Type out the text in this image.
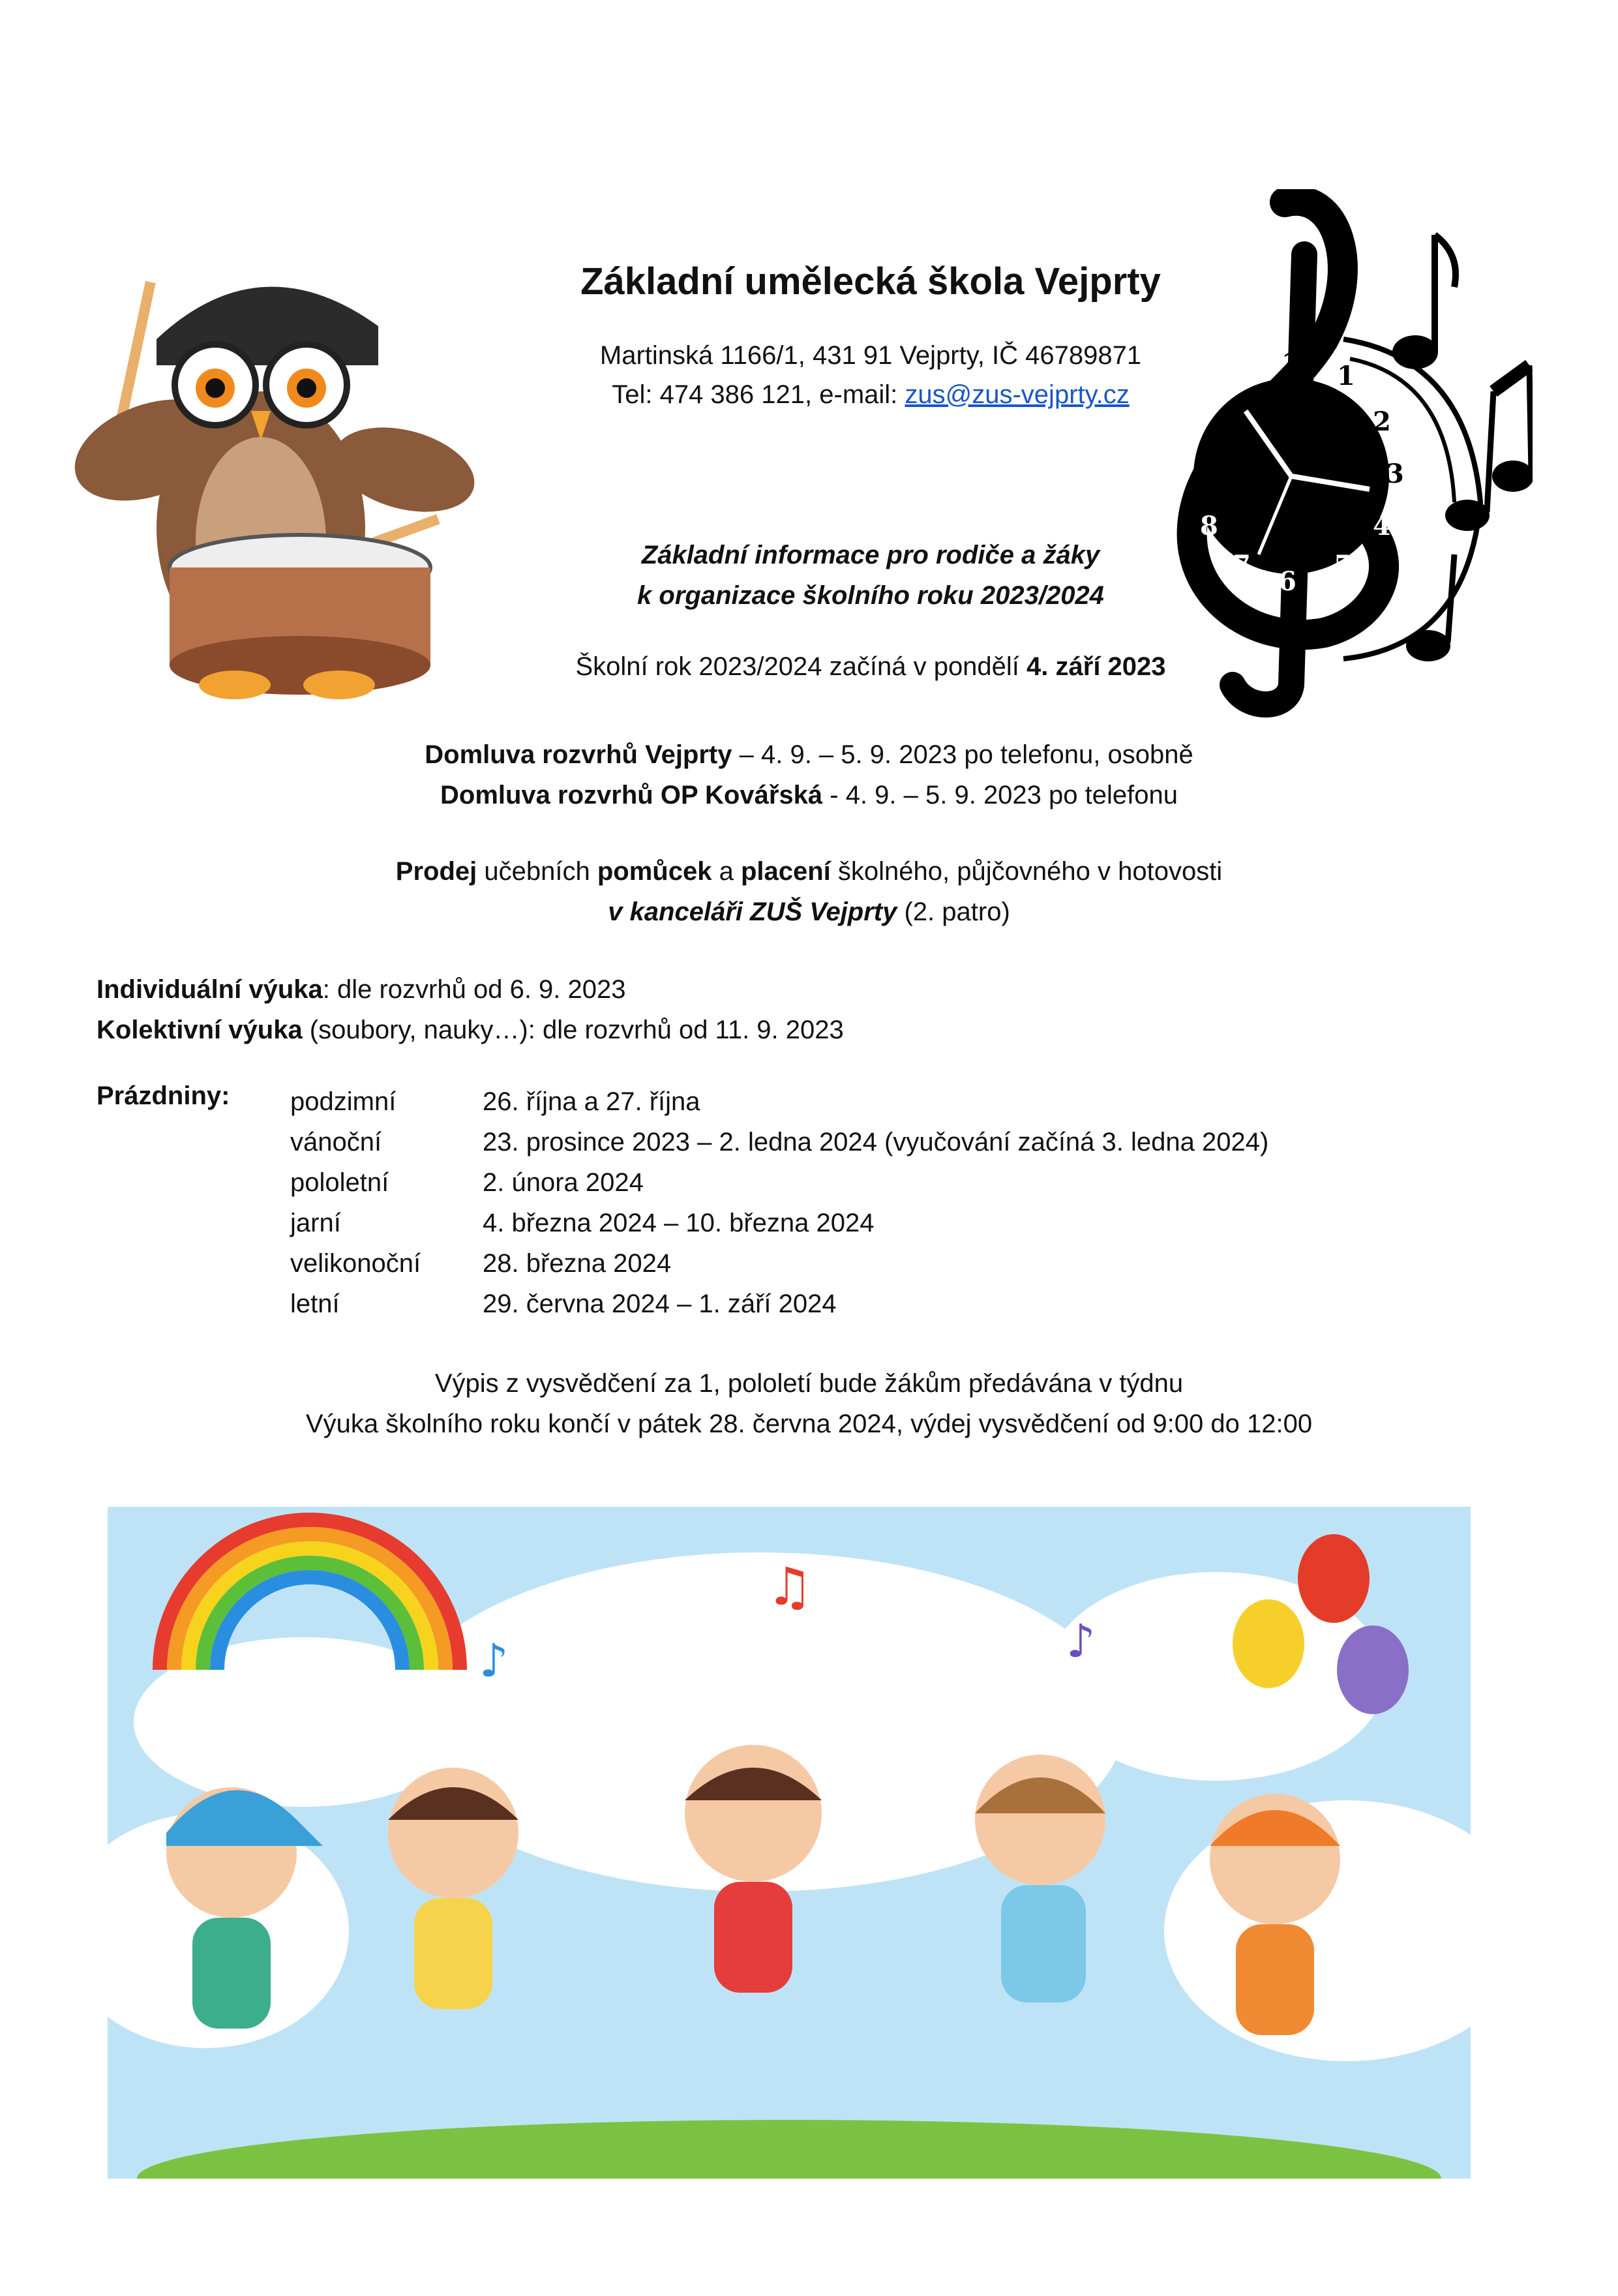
12 1
2
3
4
5
6
7
8
9
10
11
Základní umělecká škola Vejprty
Martinská 1166/1, 431 91 Vejprty, IČ 46789871
Tel: 474 386 121, e-mail: zus@zus-vejprty.cz
Základní informace pro rodiče a žáky
k organizace školního roku 2023/2024
Školní rok 2023/2024 začíná v pondělí 4. září 2023
Domluva rozvrhů Vejprty – 4. 9. – 5. 9. 2023 po telefonu, osobně
Domluva rozvrhů OP Kovářská - 4. 9. – 5. 9. 2023 po telefonu
Prodej učebních pomůcek a placení školného, půjčovného v hotovosti
v kanceláři ZUŠ Vejprty (2. patro)
Individuální výuka: dle rozvrhů od 6. 9. 2023
Kolektivní výuka (soubory, nauky…): dle rozvrhů od 11. 9. 2023
Prázdniny: podzimní	26. října a 27. října
vánoční	23. prosince 2023 – 2. ledna 2024 (vyučování začíná 3. ledna 2024)
pololetní	2. února 2024
jarní	4. března 2024 – 10. března 2024
velikonoční 28. března 2024
letní	29. června 2024 – 1. září 2024
Výpis z vysvědčení za 1, pololetí bude žákům předávána v týdnu
Výuka školního roku končí v pátek 28. června 2024, výdej vysvědčení od 9:00 do 12:00
♫
♪	♪
